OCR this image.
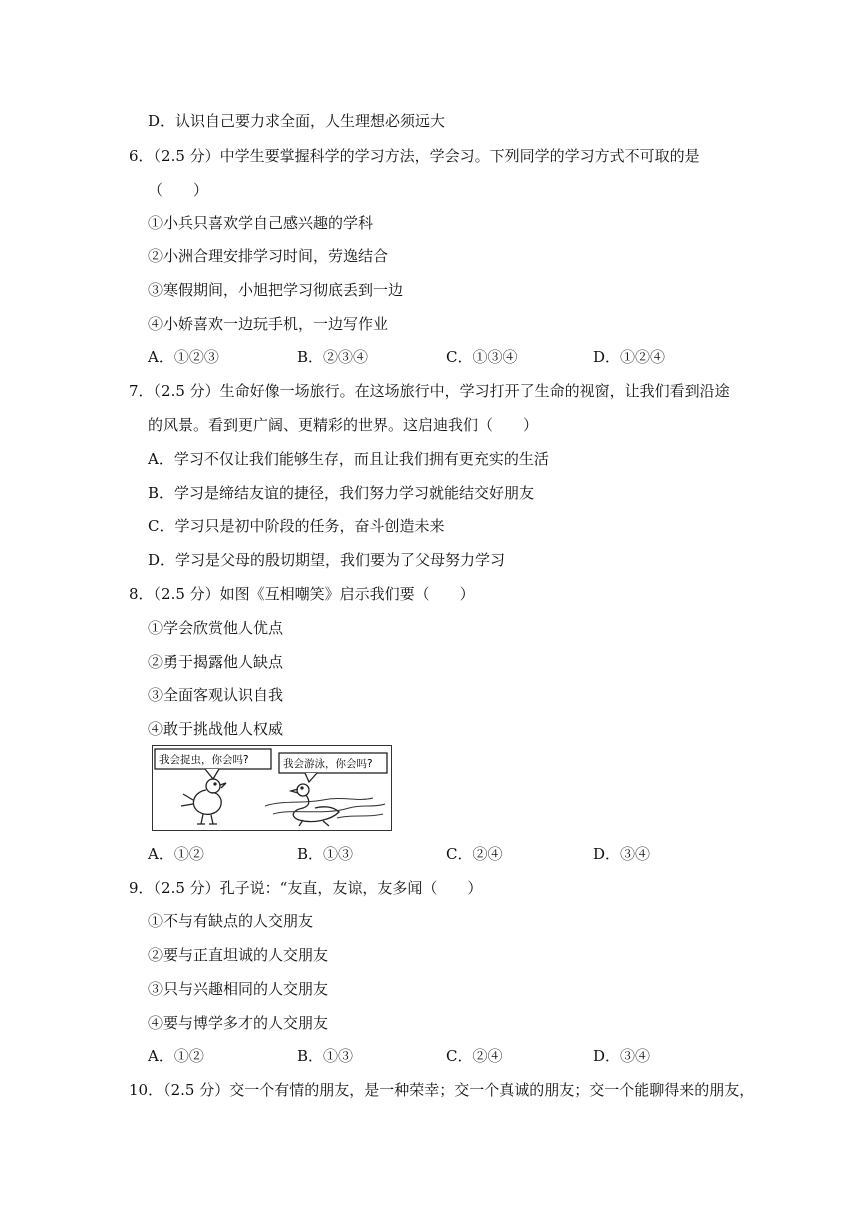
D．认识自己要力求全面，人生理想必须远大
6．（2.5 分）中学生要掌握科学的学习方法，学会习。下列同学的学习方式不可取的是
（　　）
①小兵只喜欢学自己感兴趣的学科
②小洲合理安排学习时间，劳逸结合
③寒假期间，小旭把学习彻底丢到一边
④小娇喜欢一边玩手机，一边写作业
A．①②③	B．②③④	C．①③④	D．①②④
7．（2.5 分）生命好像一场旅行。在这场旅行中，学习打开了生命的视窗，让我们看到沿途
的风景。看到更广阔、更精彩的世界。这启迪我们（　　）
A．学习不仅让我们能够生存，而且让我们拥有更充实的生活
B．学习是缔结友谊的捷径，我们努力学习就能结交好朋友
C．学习只是初中阶段的任务，奋斗创造未来
D．学习是父母的殷切期望，我们要为了父母努力学习
8．（2.5 分）如图《互相嘲笑》启示我们要（　　）
①学会欣赏他人优点
②勇于揭露他人缺点
③全面客观认识自我
④敢于挑战他人权威
我会捉虫，你会吗?	我会游泳，你会吗?
A．①②	B．①③	C．②④	D．③④
9．（2.5 分）孔子说：“友直，友谅，友多闻（　　）
①不与有缺点的人交朋友
②要与正直坦诚的人交朋友
③只与兴趣相同的人交朋友
④要与博学多才的人交朋友
A．①②	B．①③	C．②④	D．③④
10．（2.5 分）交一个有情的朋友，是一种荣幸；交一个真诚的朋友；交一个能聊得来的朋友，
